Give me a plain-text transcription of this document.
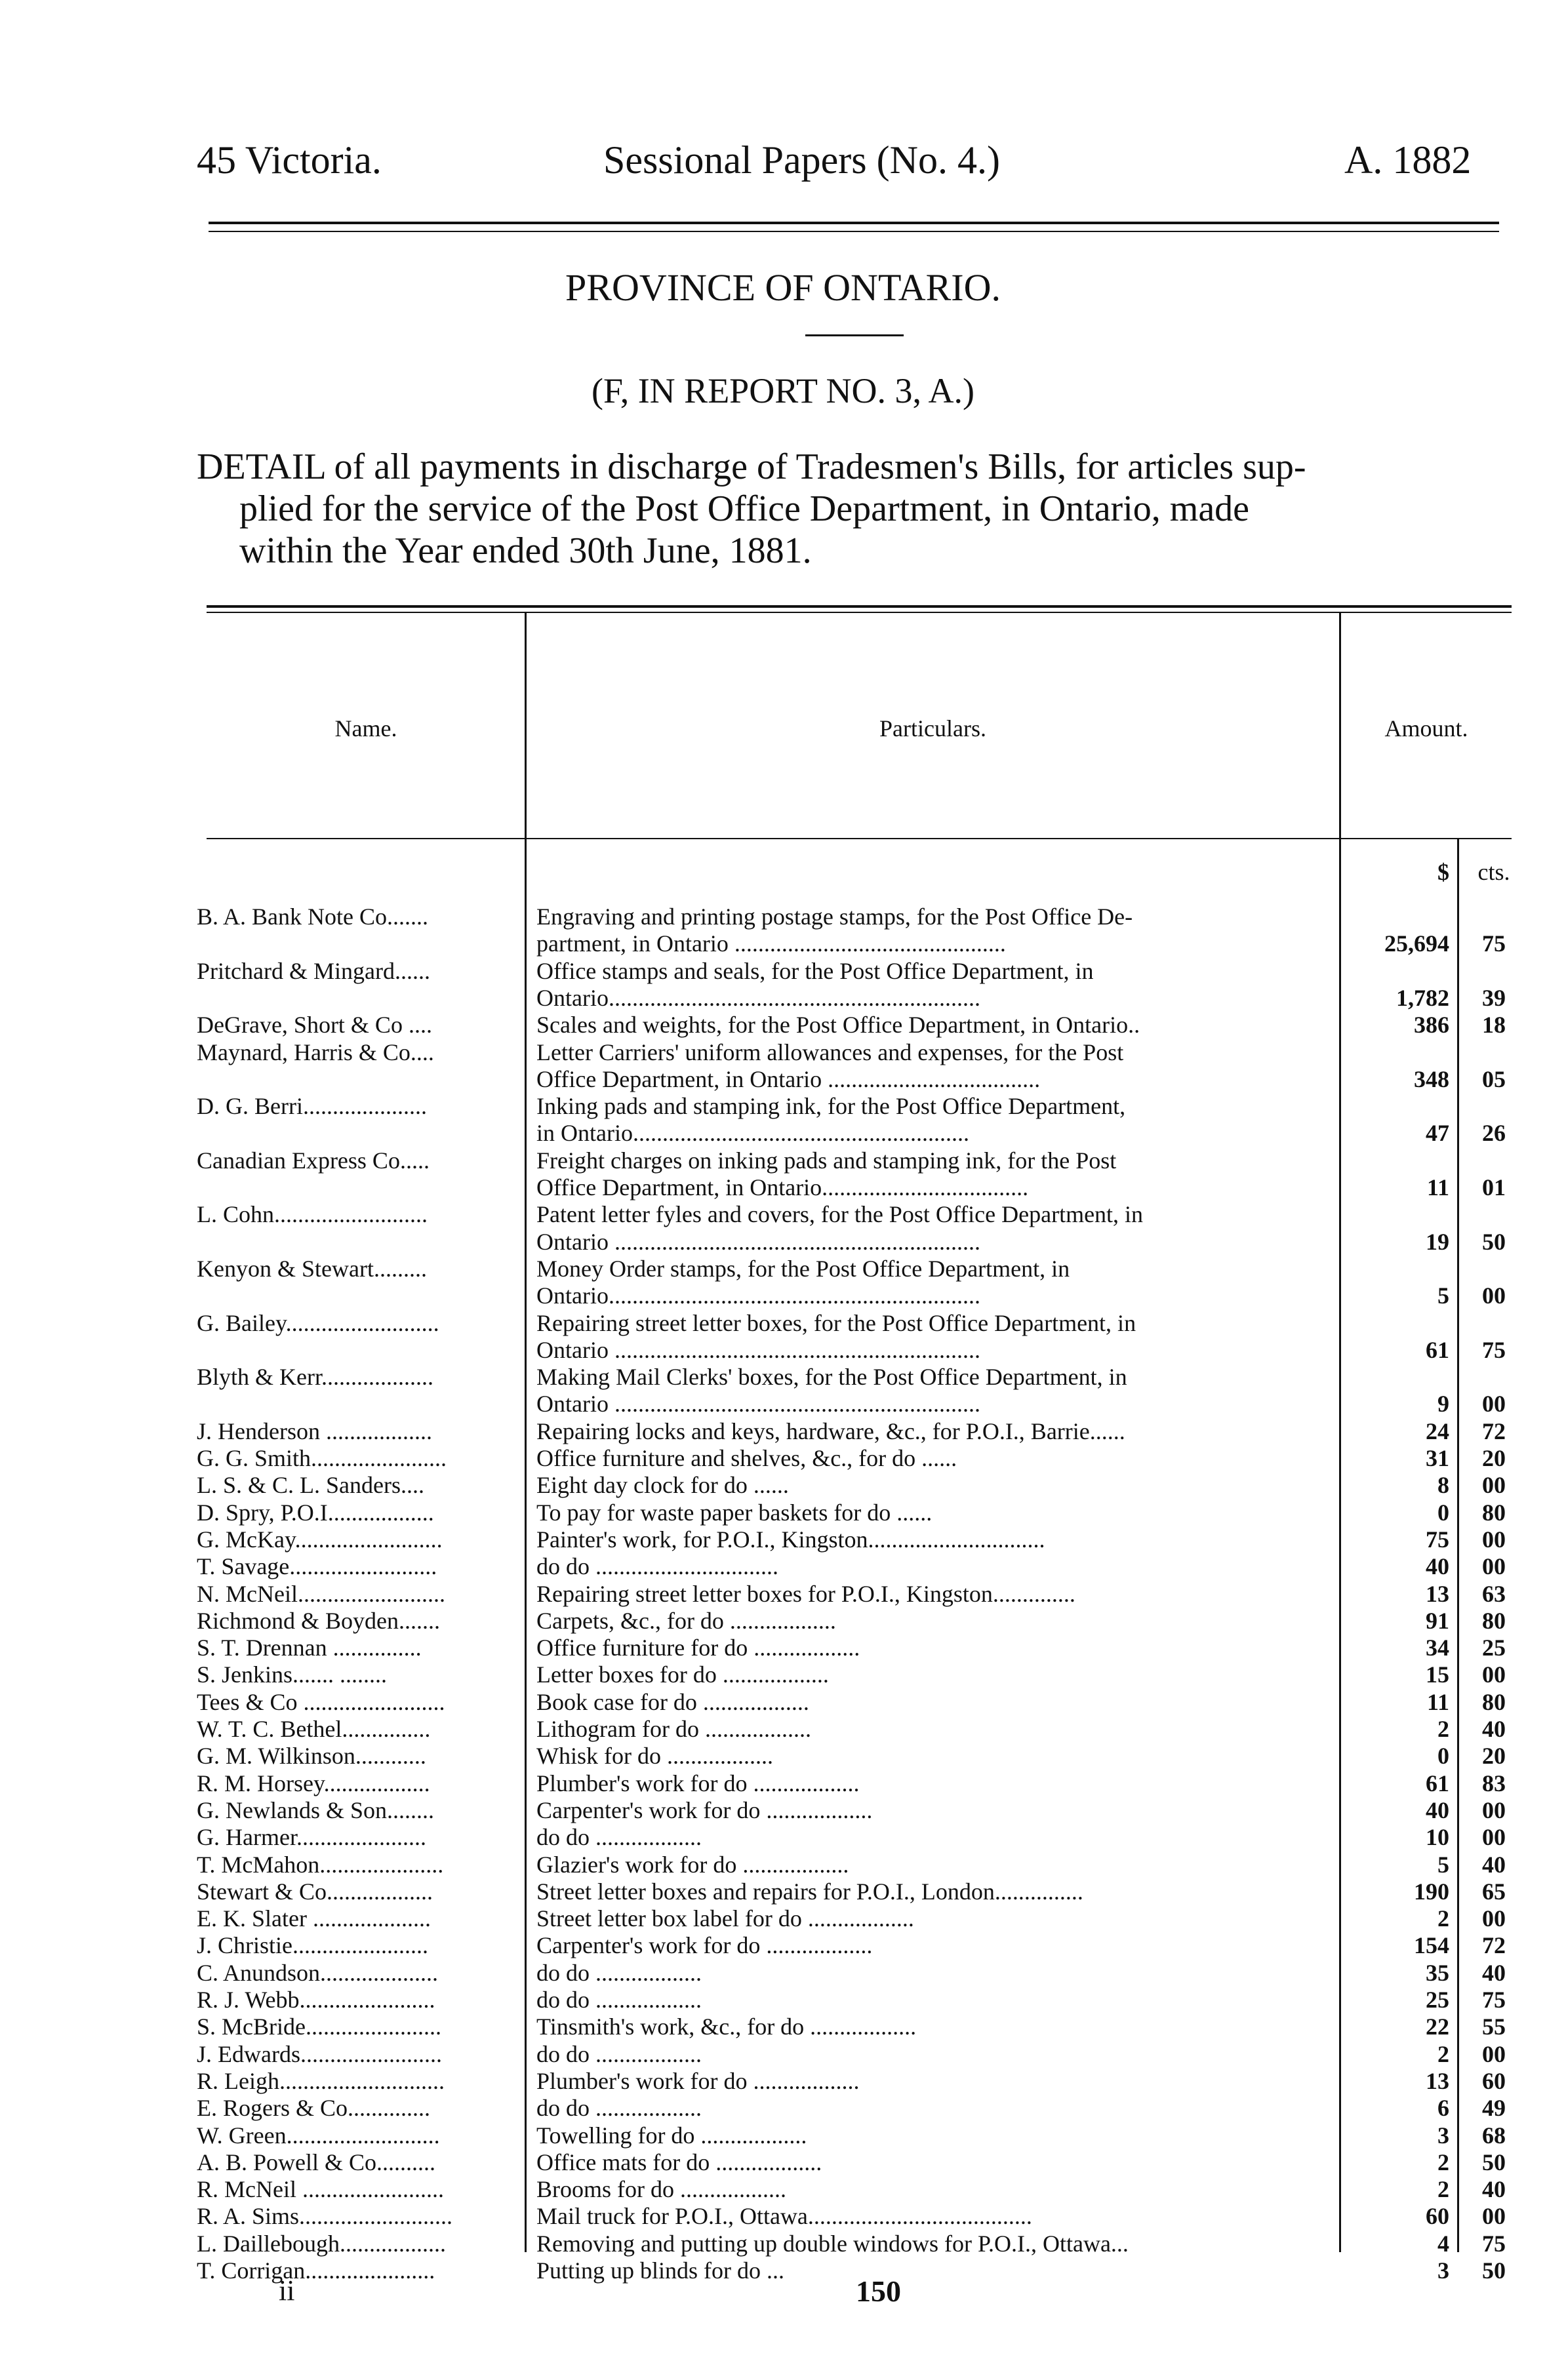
45 Victoria.	Sessional Papers (No. 4.)	A. 1882
PROVINCE OF ONTARIO.
(F, IN REPORT NO. 3, A.)
DETAIL of all payments in discharge of Tradesmen's Bills, for articles sup-
plied for the service of the Post Office Department, in Ontario, made
within the Year ended 30th June, 1881.
Name.	Particulars.	Amount.
$	cts.
B. A. Bank Note Co.......	Engraving and printing postage stamps, for the Post Office De-
partment, in Ontario ..............................................	25,694	75
Pritchard & Mingard......	Office stamps and seals, for the Post Office Department, in
Ontario...............................................................	1,782	39
DeGrave, Short & Co ....	Scales and weights, for the Post Office Department, in Ontario..	386	18
Maynard, Harris & Co....	Letter Carriers' uniform allowances and expenses, for the Post
Office Department, in Ontario ....................................	348	05
D. G. Berri.....................	Inking pads and stamping ink, for the Post Office Department,
in Ontario.........................................................	47	26
Canadian Express Co.....	Freight charges on inking pads and stamping ink, for the Post
Office Department, in Ontario...................................	11	01
L. Cohn..........................	Patent letter fyles and covers, for the Post Office Department, in
Ontario ..............................................................	19	50
Kenyon & Stewart.........	Money Order stamps, for the Post Office Department, in
Ontario...............................................................	5	00
G. Bailey..........................	Repairing street letter boxes, for the Post Office Department, in
Ontario ..............................................................	61	75
Blyth & Kerr...................	Making Mail Clerks' boxes, for the Post Office Department, in
Ontario ..............................................................	9	00
J. Henderson ..................	Repairing locks and keys, hardware, &c., for P.O.I., Barrie......	24	72
G. G. Smith.......................	Office furniture and shelves, &c., for do ......	31	20
L. S. & C. L. Sanders....	Eight day clock for do ......	8	00
D. Spry, P.O.I..................	To pay for waste paper baskets for do ......	0	80
G. McKay.........................	Painter's work, for P.O.I., Kingston..............................	75	00
T. Savage.........................	do do ...............................	40	00
N. McNeil.........................	Repairing street letter boxes for P.O.I., Kingston..............	13	63
Richmond & Boyden.......	Carpets, &c., for do ..................	91	80
S. T. Drennan ...............	Office furniture for do ..................	34	25
S. Jenkins....... ........	Letter boxes for do ..................	15	00
Tees & Co ........................	Book case for do ..................	11	80
W. T. C. Bethel...............	Lithogram for do ..................	2	40
G. M. Wilkinson............	Whisk for do ..................	0	20
R. M. Horsey..................	Plumber's work for do ..................	61	83
G. Newlands & Son........	Carpenter's work for do ..................	40	00
G. Harmer......................	do do ..................	10	00
T. McMahon.....................	Glazier's work for do ..................	5	40
Stewart & Co..................	Street letter boxes and repairs for P.O.I., London...............	190	65
E. K. Slater ....................	Street letter box label for do ..................	2	00
J. Christie.......................	Carpenter's work for do ..................	154	72
C. Anundson....................	do do ..................	35	40
R. J. Webb.......................	do do ..................	25	75
S. McBride.......................	Tinsmith's work, &c., for do ..................	22	55
J. Edwards........................	do do ..................	2	00
R. Leigh............................	Plumber's work for do ..................	13	60
E. Rogers & Co..............	do do ..................	6	49
W. Green..........................	Towelling for do ..................	3	68
A. B. Powell & Co..........	Office mats for do ..................	2	50
R. McNeil ........................	Brooms for do ..................	2	40
R. A. Sims..........................	Mail truck for P.O.I., Ottawa......................................	60	00
L. Daillebough..................	Removing and putting up double windows for P.O.I., Ottawa...	4	75
T. Corrigan......................	Putting up blinds for do ...	3	50
ii	150
